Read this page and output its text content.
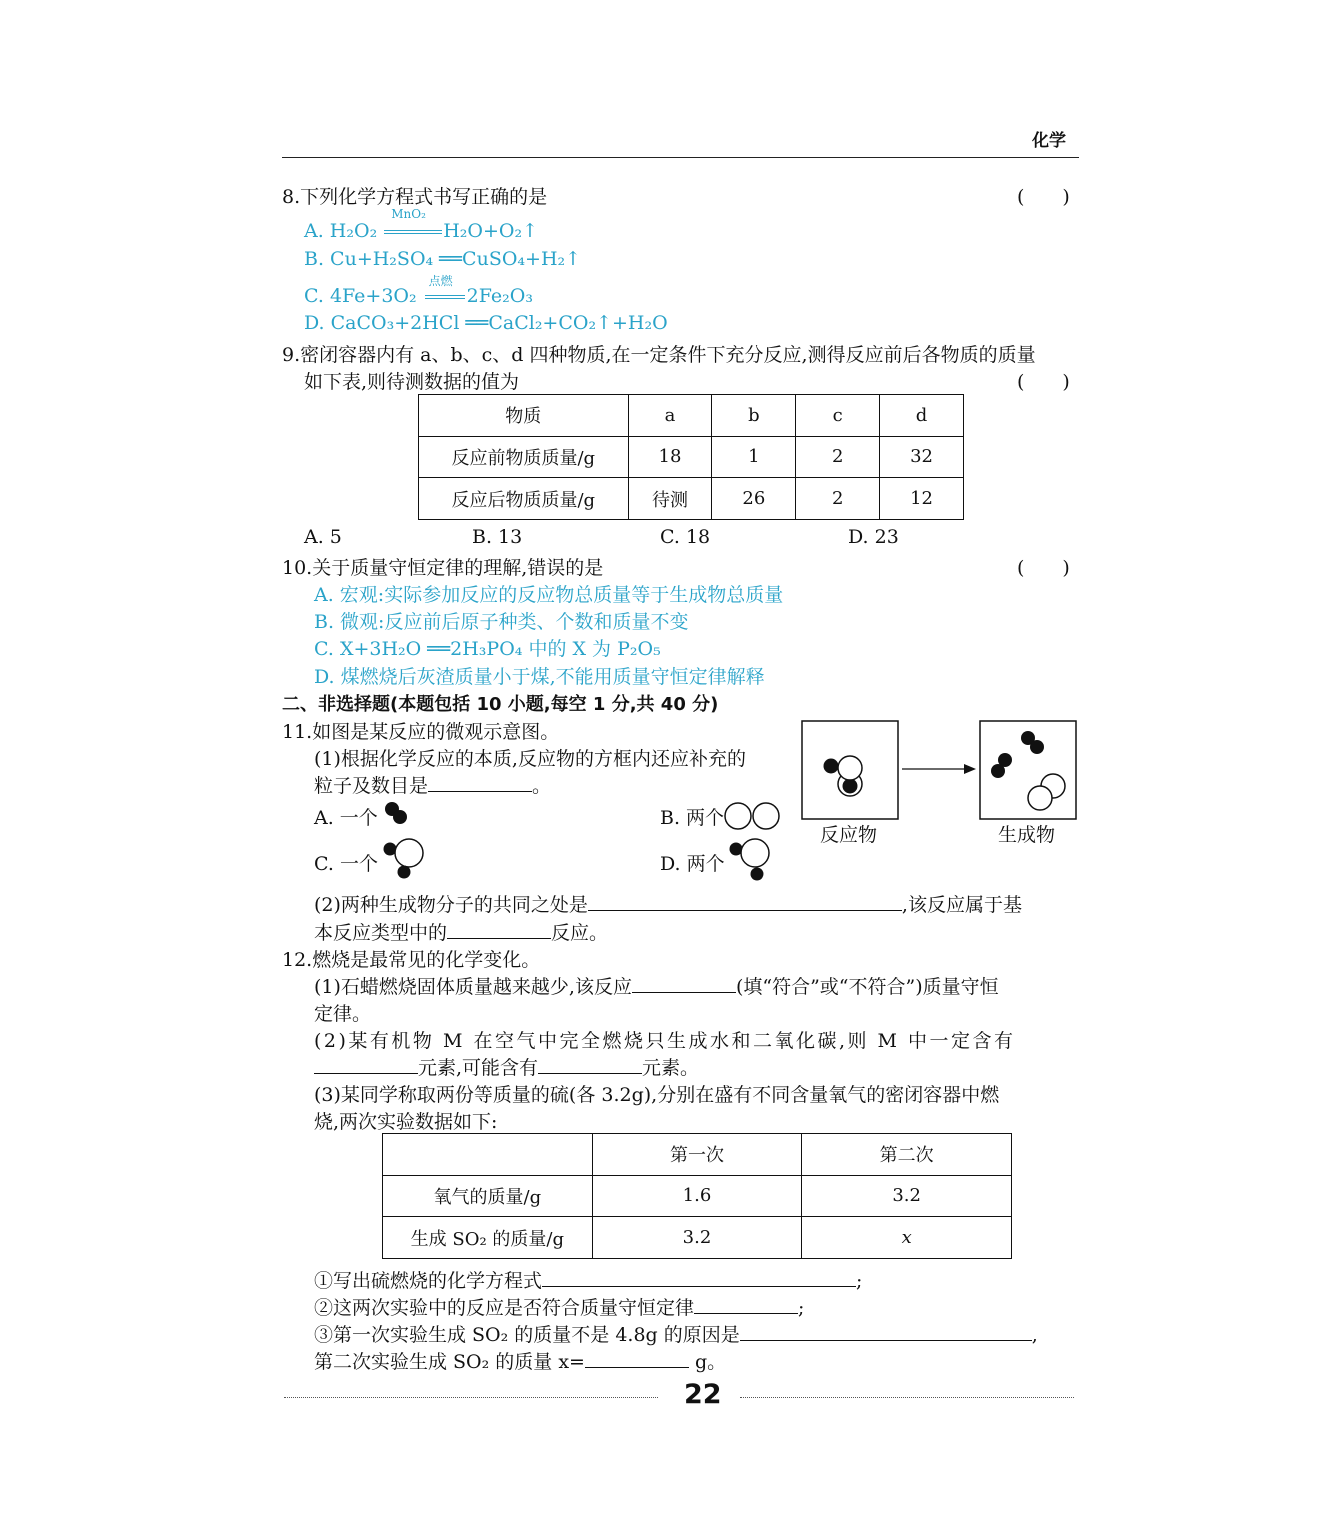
化学
8.下列化学方程式书写正确的是	(　　)
A. H₂O₂
MnO₂
H₂O+O₂↑
B. Cu+H₂SO₄ ══CuSO₄+H₂↑
C. 4Fe+3O₂
点燃
2Fe₂O₃
D. CaCO₃+2HCl ══CaCl₂+CO₂↑+H₂O
9.密闭容器内有 a、b、c、d 四种物质,在一定条件下充分反应,测得反应前后各物质的质量
如下表,则待测数据的值为	(　　)
物质	a	b	c	d
反应前物质质量/g	18	1	2	32
反应后物质质量/g	待测	26	2	12
A. 5	B. 13	C. 18	D. 23
10.关于质量守恒定律的理解,错误的是	(　　)
A. 宏观:实际参加反应的反应物总质量等于生成物总质量
B. 微观:反应前后原子种类、个数和质量不变
C. X+3H₂O ══2H₃PO₄ 中的 X 为 P₂O₅
D. 煤燃烧后灰渣质量小于煤,不能用质量守恒定律解释
二、非选择题(本题包括 10 小题,每空 1 分,共 40 分)
11.如图是某反应的微观示意图。
(1)根据化学反应的本质,反应物的方框内还应补充的
粒子及数目是	。
反应物	生成物
A. 一个	B. 两个
C. 一个	D. 两个
(2)两种生成物分子的共同之处是	,该反应属于基
本反应类型中的	反应。
12.燃烧是最常见的化学变化。
(1)石蜡燃烧固体质量越来越少,该反应	(填“符合”或“不符合”)质量守恒
定律。
(2)某有机物 M 在空气中完全燃烧只生成水和二氧化碳,则 M 中一定含有
元素,可能含有	元素。
(3)某同学称取两份等质量的硫(各 3.2g),分别在盛有不同含量氧气的密闭容器中燃
烧,两次实验数据如下:
	第一次	第二次
氧气的质量/g	1.6	3.2
生成 SO₂ 的质量/g	3.2	x
①写出硫燃烧的化学方程式	;
②这两次实验中的反应是否符合质量守恒定律	;
③第一次实验生成 SO₂ 的质量不是 4.8g 的原因是	,
第二次实验生成 SO₂ 的质量 x=	g。
22
